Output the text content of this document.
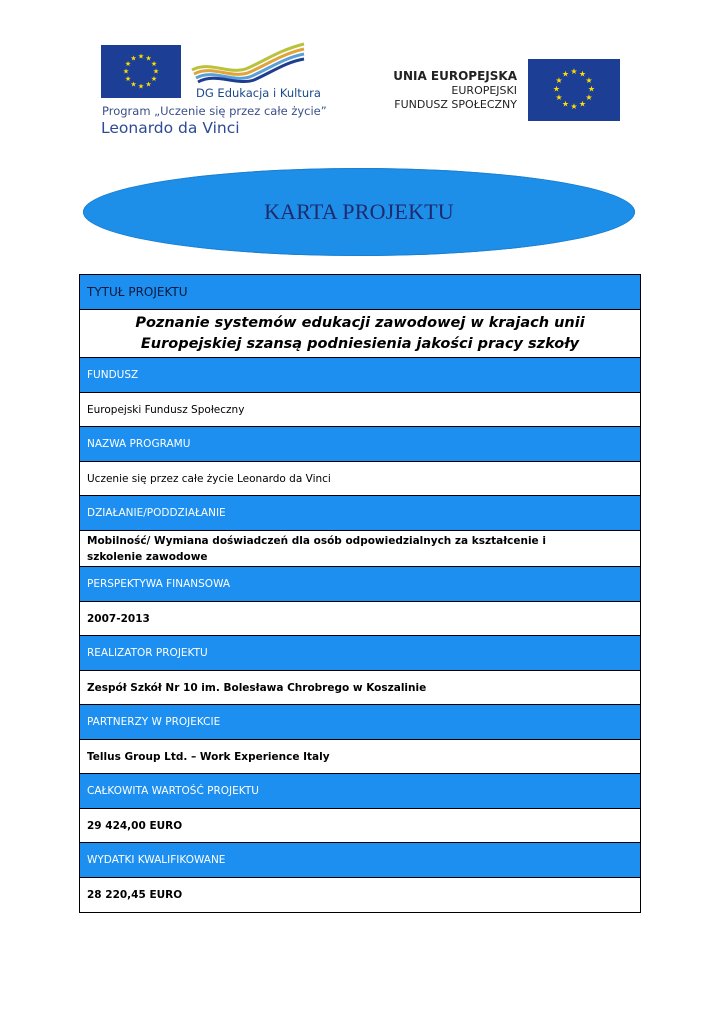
★ ★
★
★
★
★
★
★
★
★
★
★
DG Edukacja i Kultura
Program „Uczenie się przez całe życie”
Leonardo da Vinci
UNIA EUROPEJSKA
EUROPEJSKI
FUNDUSZ SPOŁECZNY
★ ★
★
★
★
★
★
★
★
★
★
★
KARTA PROJEKTU
TYTUŁ PROJEKTU
Poznanie systemów edukacji zawodowej w krajach unii
Europejskiej szansą podniesienia jakości pracy szkoły
FUNDUSZ
Europejski Fundusz Społeczny
NAZWA PROGRAMU
Uczenie się przez całe życie Leonardo da Vinci
DZIAŁANIE/PODDZIAŁANIE
Mobilność/ Wymiana doświadczeń dla osób odpowiedzialnych za kształcenie i szkolenie zawodowe
PERSPEKTYWA FINANSOWA
2007-2013
REALIZATOR PROJEKTU
Zespół Szkół Nr 10 im. Bolesława Chrobrego w Koszalinie
PARTNERZY W PROJEKCIE
Tellus Group Ltd. – Work Experience Italy
CAŁKOWITA WARTOŚĆ PROJEKTU
29 424,00 EURO
WYDATKI KWALIFIKOWANE
28 220,45 EURO
